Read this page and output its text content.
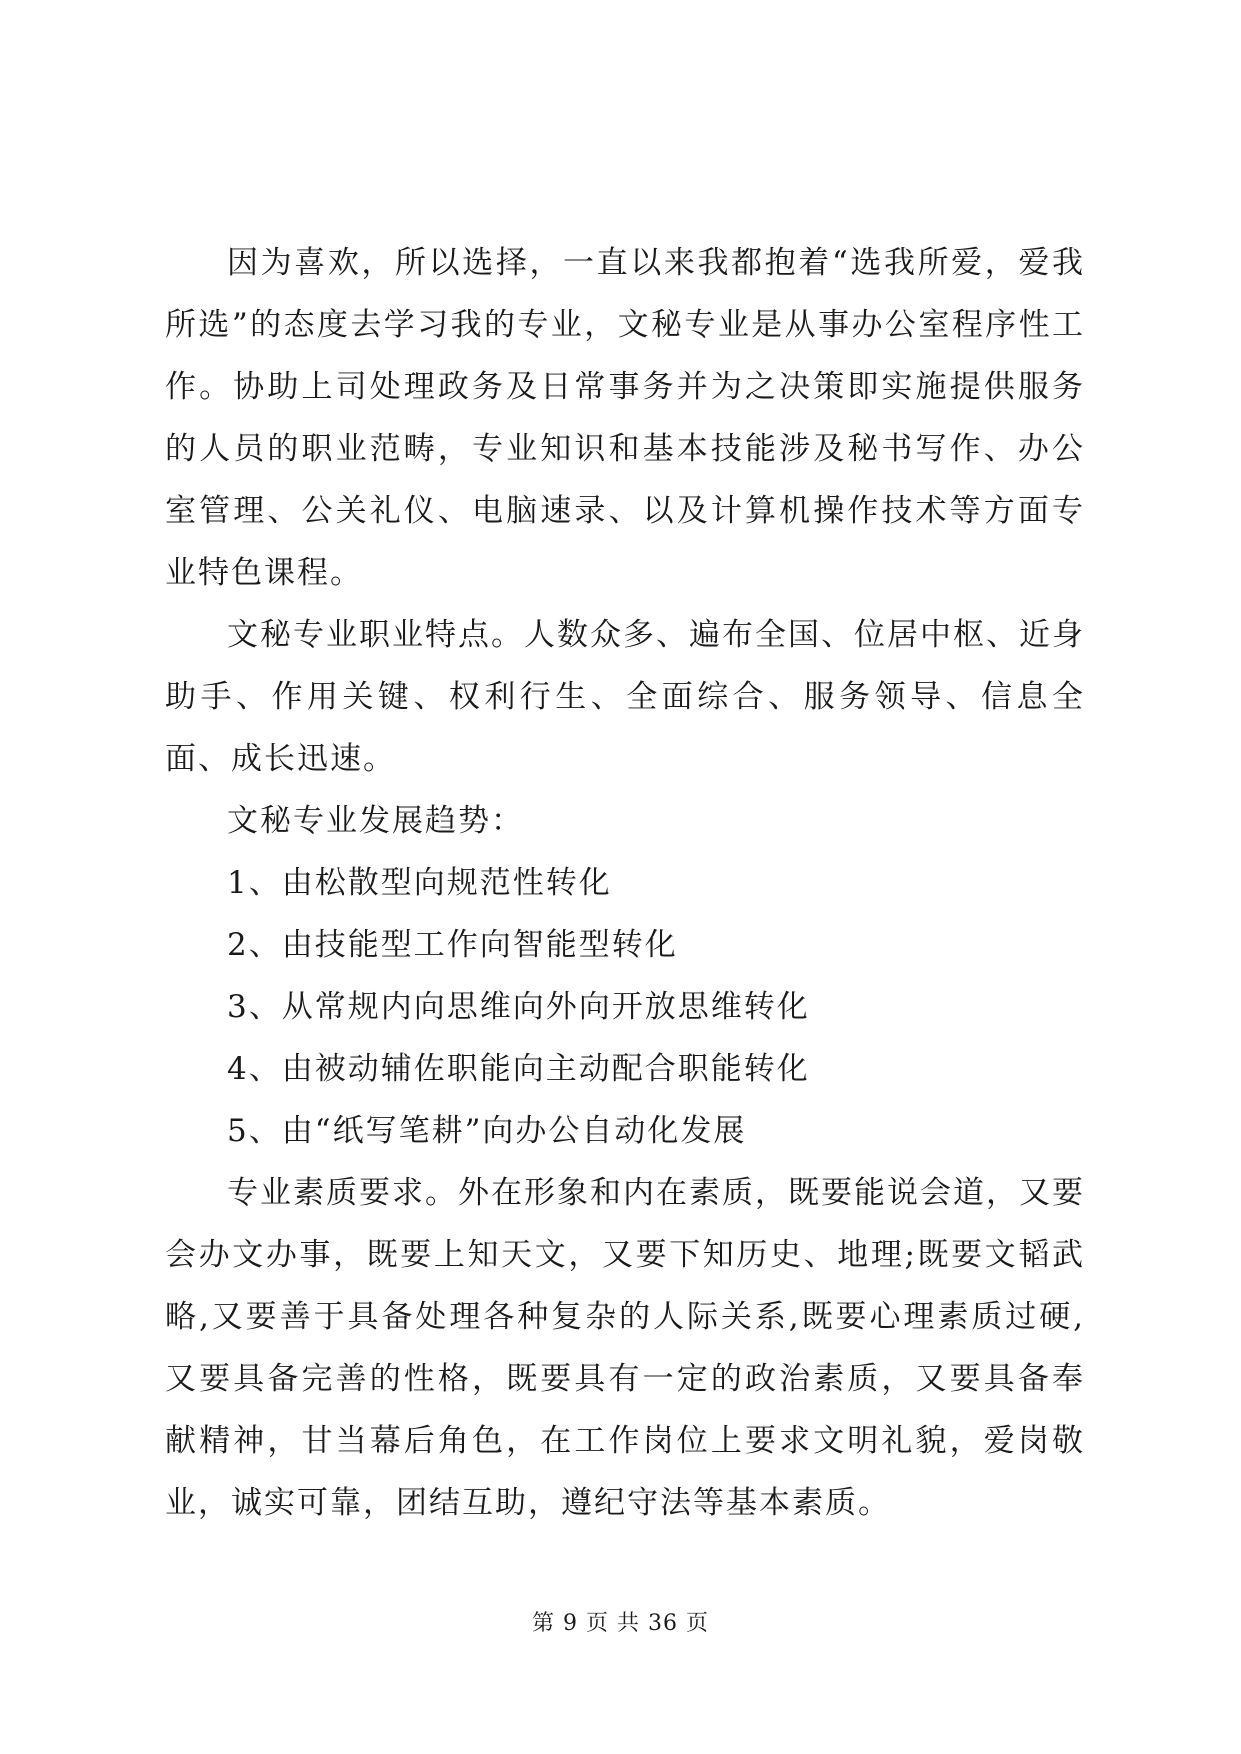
因为喜欢，所以选择，一直以来我都抱着“选我所爱，爱我所选”的态度去学习我的专业，文秘专业是从事办公室程序性工作。协助上司处理政务及日常事务并为之决策即实施提供服务的人员的职业范畴，专业知识和基本技能涉及秘书写作、办公室管理、公关礼仪、电脑速录、以及计算机操作技术等方面专业特色课程。

文秘专业职业特点。人数众多、遍布全国、位居中枢、近身助手、作用关键、权利行生、全面综合、服务领导、信息全面、成长迅速。

文秘专业发展趋势：

1、由松散型向规范性转化

2、由技能型工作向智能型转化

3、从常规内向思维向外向开放思维转化

4、由被动辅佐职能向主动配合职能转化

5、由“纸写笔耕”向办公自动化发展

专业素质要求。外在形象和内在素质，既要能说会道，又要会办文办事，既要上知天文，又要下知历史、地理;既要文韬武略,又要善于具备处理各种复杂的人际关系,既要心理素质过硬,又要具备完善的性格，既要具有一定的政治素质，又要具备奉献精神，甘当幕后角色，在工作岗位上要求文明礼貌，爱岗敬业，诚实可靠，团结互助，遵纪守法等基本素质。

第 9 页 共 36 页
